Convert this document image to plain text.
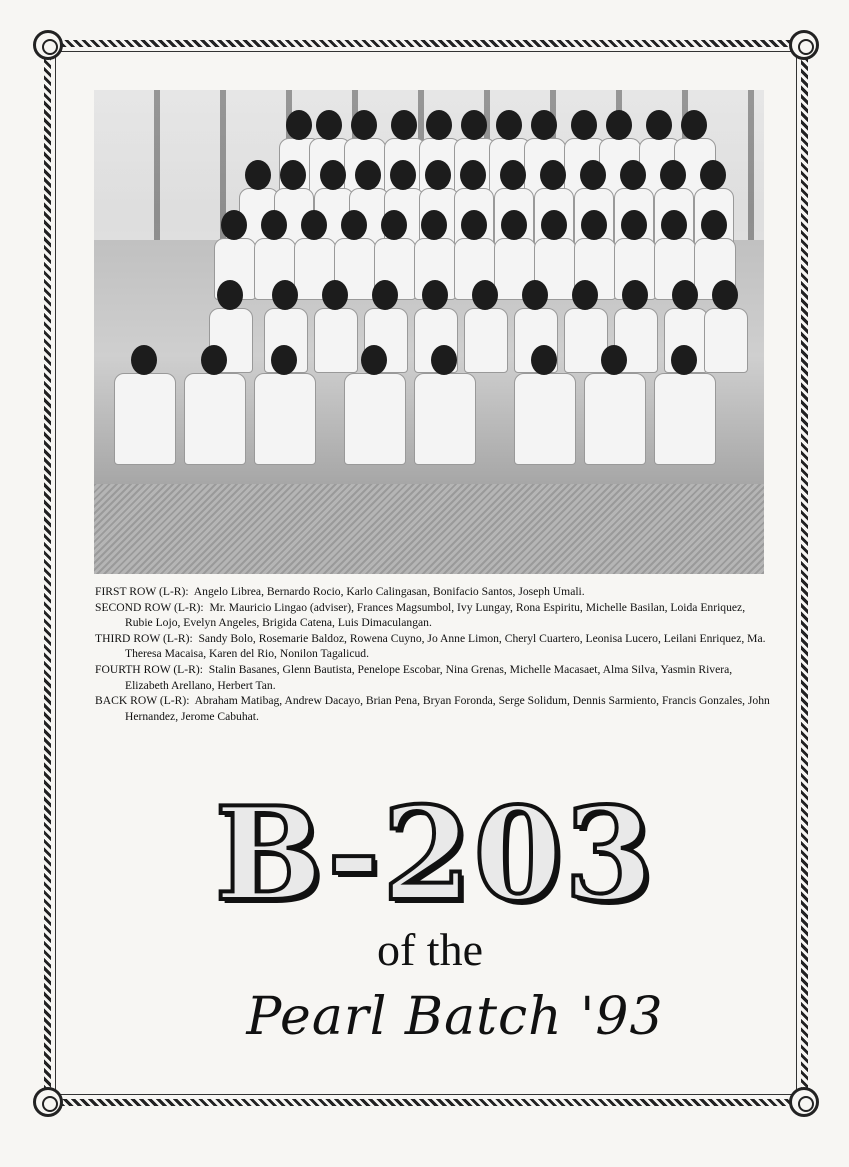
FIRST ROW (L-R): Angelo Librea, Bernardo Rocio, Karlo Calingasan, Bonifacio Santos, Joseph Umali.
SECOND ROW (L-R): Mr. Mauricio Lingao (adviser), Frances Magsumbol, Ivy Lungay, Rona Espiritu, Michelle Basilan, Loida Enriquez, Rubie Lojo, Evelyn Angeles, Brigida Catena, Luis Dimaculangan.
THIRD ROW (L-R): Sandy Bolo, Rosemarie Baldoz, Rowena Cuyno, Jo Anne Limon, Cheryl Cuartero, Leonisa Lucero, Leilani Enriquez, Ma. Theresa Macaisa, Karen del Rio, Nonilon Tagalicud.
FOURTH ROW (L-R): Stalin Basanes, Glenn Bautista, Penelope Escobar, Nina Grenas, Michelle Macasaet, Alma Silva, Yasmin Rivera, Elizabeth Arellano, Herbert Tan.
BACK ROW (L-R): Abraham Matibag, Andrew Dacayo, Brian Pena, Bryan Foronda, Serge Solidum, Dennis Sarmiento, Francis Gonzales, John Hernandez, Jerome Cabuhat.
B-203
of the
Pearl Batch '93
